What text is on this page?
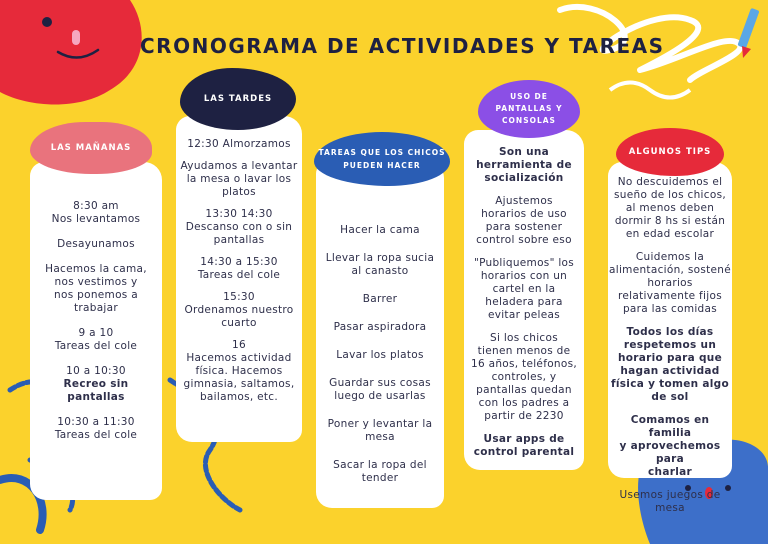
CRONOGRAMA DE ACTIVIDADES Y TAREAS

8:30 am
Nos levantamos

Desayunamos

Hacemos la cama,
nos vestimos y
nos ponemos a
trabajar

9 a 10
Tareas del cole

10 a 10:30
Recreo sin
pantallas

10:30 a 11:30
Tareas del cole

LAS MAÑANAS	12:30 Almorzamos

Ayudamos a levantar
la mesa o lavar los
platos

13:30 14:30
Descanso con o sin
pantallas

14:30 a 15:30
Tareas del cole

15:30
Ordenamos nuestro
cuarto

16
Hacemos actividad
física. Hacemos
gimnasia, saltamos,
bailamos, etc.

LAS TARDES

Hacer la cama

Llevar la ropa sucia
al canasto

Barrer

Pasar aspiradora

Lavar los platos

Guardar sus cosas
luego de usarlas

Poner y levantar la
mesa

Sacar la ropa del
tender

TAREAS QUE LOS CHICOS
PUEDEN HACER

Son una
herramienta de
socialización

Ajustemos
horarios de uso
para sostener
control sobre eso

"Publiquemos" los
horarios con un
cartel en la
heladera para
evitar peleas

Si los chicos
tienen menos de
16 años, teléfonos,
controles, y
pantallas quedan
con los padres a
partir de 2230

Usar apps de
control parental

USO DE
PANTALLAS Y
CONSOLAS

No descuidemos el
sueño de los chicos,
al menos deben
dormir 8 hs si están
en edad escolar

Cuidemos la
alimentación, sostené
horarios
relativamente fijos
para las comidas

Todos los días
respetemos un
horario para que
hagan actividad
física y tomen algo
de sol

Comamos en familia
y aprovechemos para
charlar

Usemos juegos de
mesa

ALGUNOS TIPS
